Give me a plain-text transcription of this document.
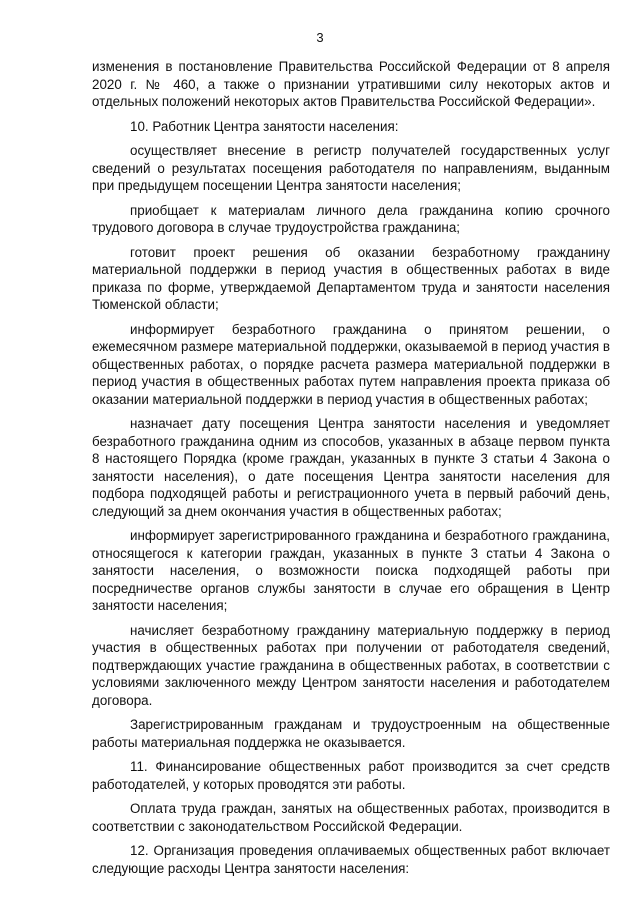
3

изменения в постановление Правительства Российской Федерации от 8 апреля 2020 г. № 460, а также о признании утратившими силу некоторых актов и отдельных положений некоторых актов Правительства Российской Федерации».

10. Работник Центра занятости населения:

осуществляет внесение в регистр получателей государственных услуг сведений о результатах посещения работодателя по направлениям, выданным при предыдущем посещении Центра занятости населения;

приобщает к материалам личного дела гражданина копию срочного трудового договора в случае трудоустройства гражданина;

готовит проект решения об оказании безработному гражданину материальной поддержки в период участия в общественных работах в виде приказа по форме, утверждаемой Департаментом труда и занятости населения Тюменской области;

информирует безработного гражданина о принятом решении, о ежемесячном размере материальной поддержки, оказываемой в период участия в общественных работах, о порядке расчета размера материальной поддержки в период участия в общественных работах путем направления проекта приказа об оказании материальной поддержки в период участия в общественных работах;

назначает дату посещения Центра занятости населения и уведомляет безработного гражданина одним из способов, указанных в абзаце первом пункта 8 настоящего Порядка (кроме граждан, указанных в пункте 3 статьи 4 Закона о занятости населения), о дате посещения Центра занятости населения для подбора подходящей работы и регистрационного учета в первый рабочий день, следующий за днем окончания участия в общественных работах;

информирует зарегистрированного гражданина и безработного гражданина, относящегося к категории граждан, указанных в пункте 3 статьи 4 Закона о занятости населения, о возможности поиска подходящей работы при посредничестве органов службы занятости в случае его обращения в Центр занятости населения;

начисляет безработному гражданину материальную поддержку в период участия в общественных работах при получении от работодателя сведений, подтверждающих участие гражданина в общественных работах, в соответствии с условиями заключенного между Центром занятости населения и работодателем договора.

Зарегистрированным гражданам и трудоустроенным на общественные работы материальная поддержка не оказывается.

11. Финансирование общественных работ производится за счет средств работодателей, у которых проводятся эти работы.

Оплата труда граждан, занятых на общественных работах, производится в соответствии с законодательством Российской Федерации.

12. Организация проведения оплачиваемых общественных работ включает следующие расходы Центра занятости населения:
